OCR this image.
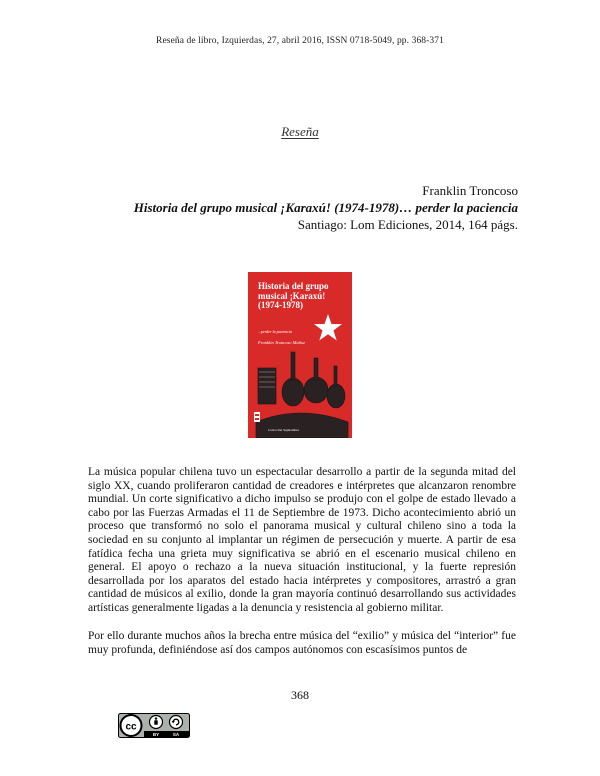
Reseña de libro, Izquierdas, 27, abril 2016, ISSN 0718-5049, pp. 368-371
Reseña
Franklin Troncoso
Historia del grupo musical ¡Karaxú! (1974-1978)… perder la paciencia
Santiago: Lom Ediciones, 2014, 164 págs.
Historia del grupo
musical ¡Karaxú!
(1974-1978)
...perder la paciencia
Franklin Troncoso Muñoz
Colección Septiembre

La música popular chilena tuvo un espectacular desarrollo a partir de la segunda mitad del siglo XX, cuando proliferaron cantidad de creadores e intérpretes que alcanzaron renombre mundial. Un corte significativo a dicho impulso se produjo con el golpe de estado llevado a cabo por las Fuerzas Armadas el 11 de Septiembre de 1973. Dicho acontecimiento abrió un proceso que transformó no solo el panorama musical y cultural chileno sino a toda la sociedad en su conjunto al implantar un régimen de persecución y muerte. A partir de esa fatídica fecha una grieta muy significativa se abrió en el escenario musical chileno en general. El apoyo o rechazo a la nueva situación institucional, y la fuerte represión desarrollada por los aparatos del estado hacia intérpretes y compositores, arrastró a gran cantidad de músicos al exilio, donde la gran mayoría continuó desarrollando sus actividades artísticas generalmente ligadas a la denuncia y resistencia al gobierno militar.

Por ello durante muchos años la brecha entre música del “exilio” y música del “interior” fue muy profunda, definiéndose así dos campos autónomos con escasísimos puntos de

368
cc
BY	SA
